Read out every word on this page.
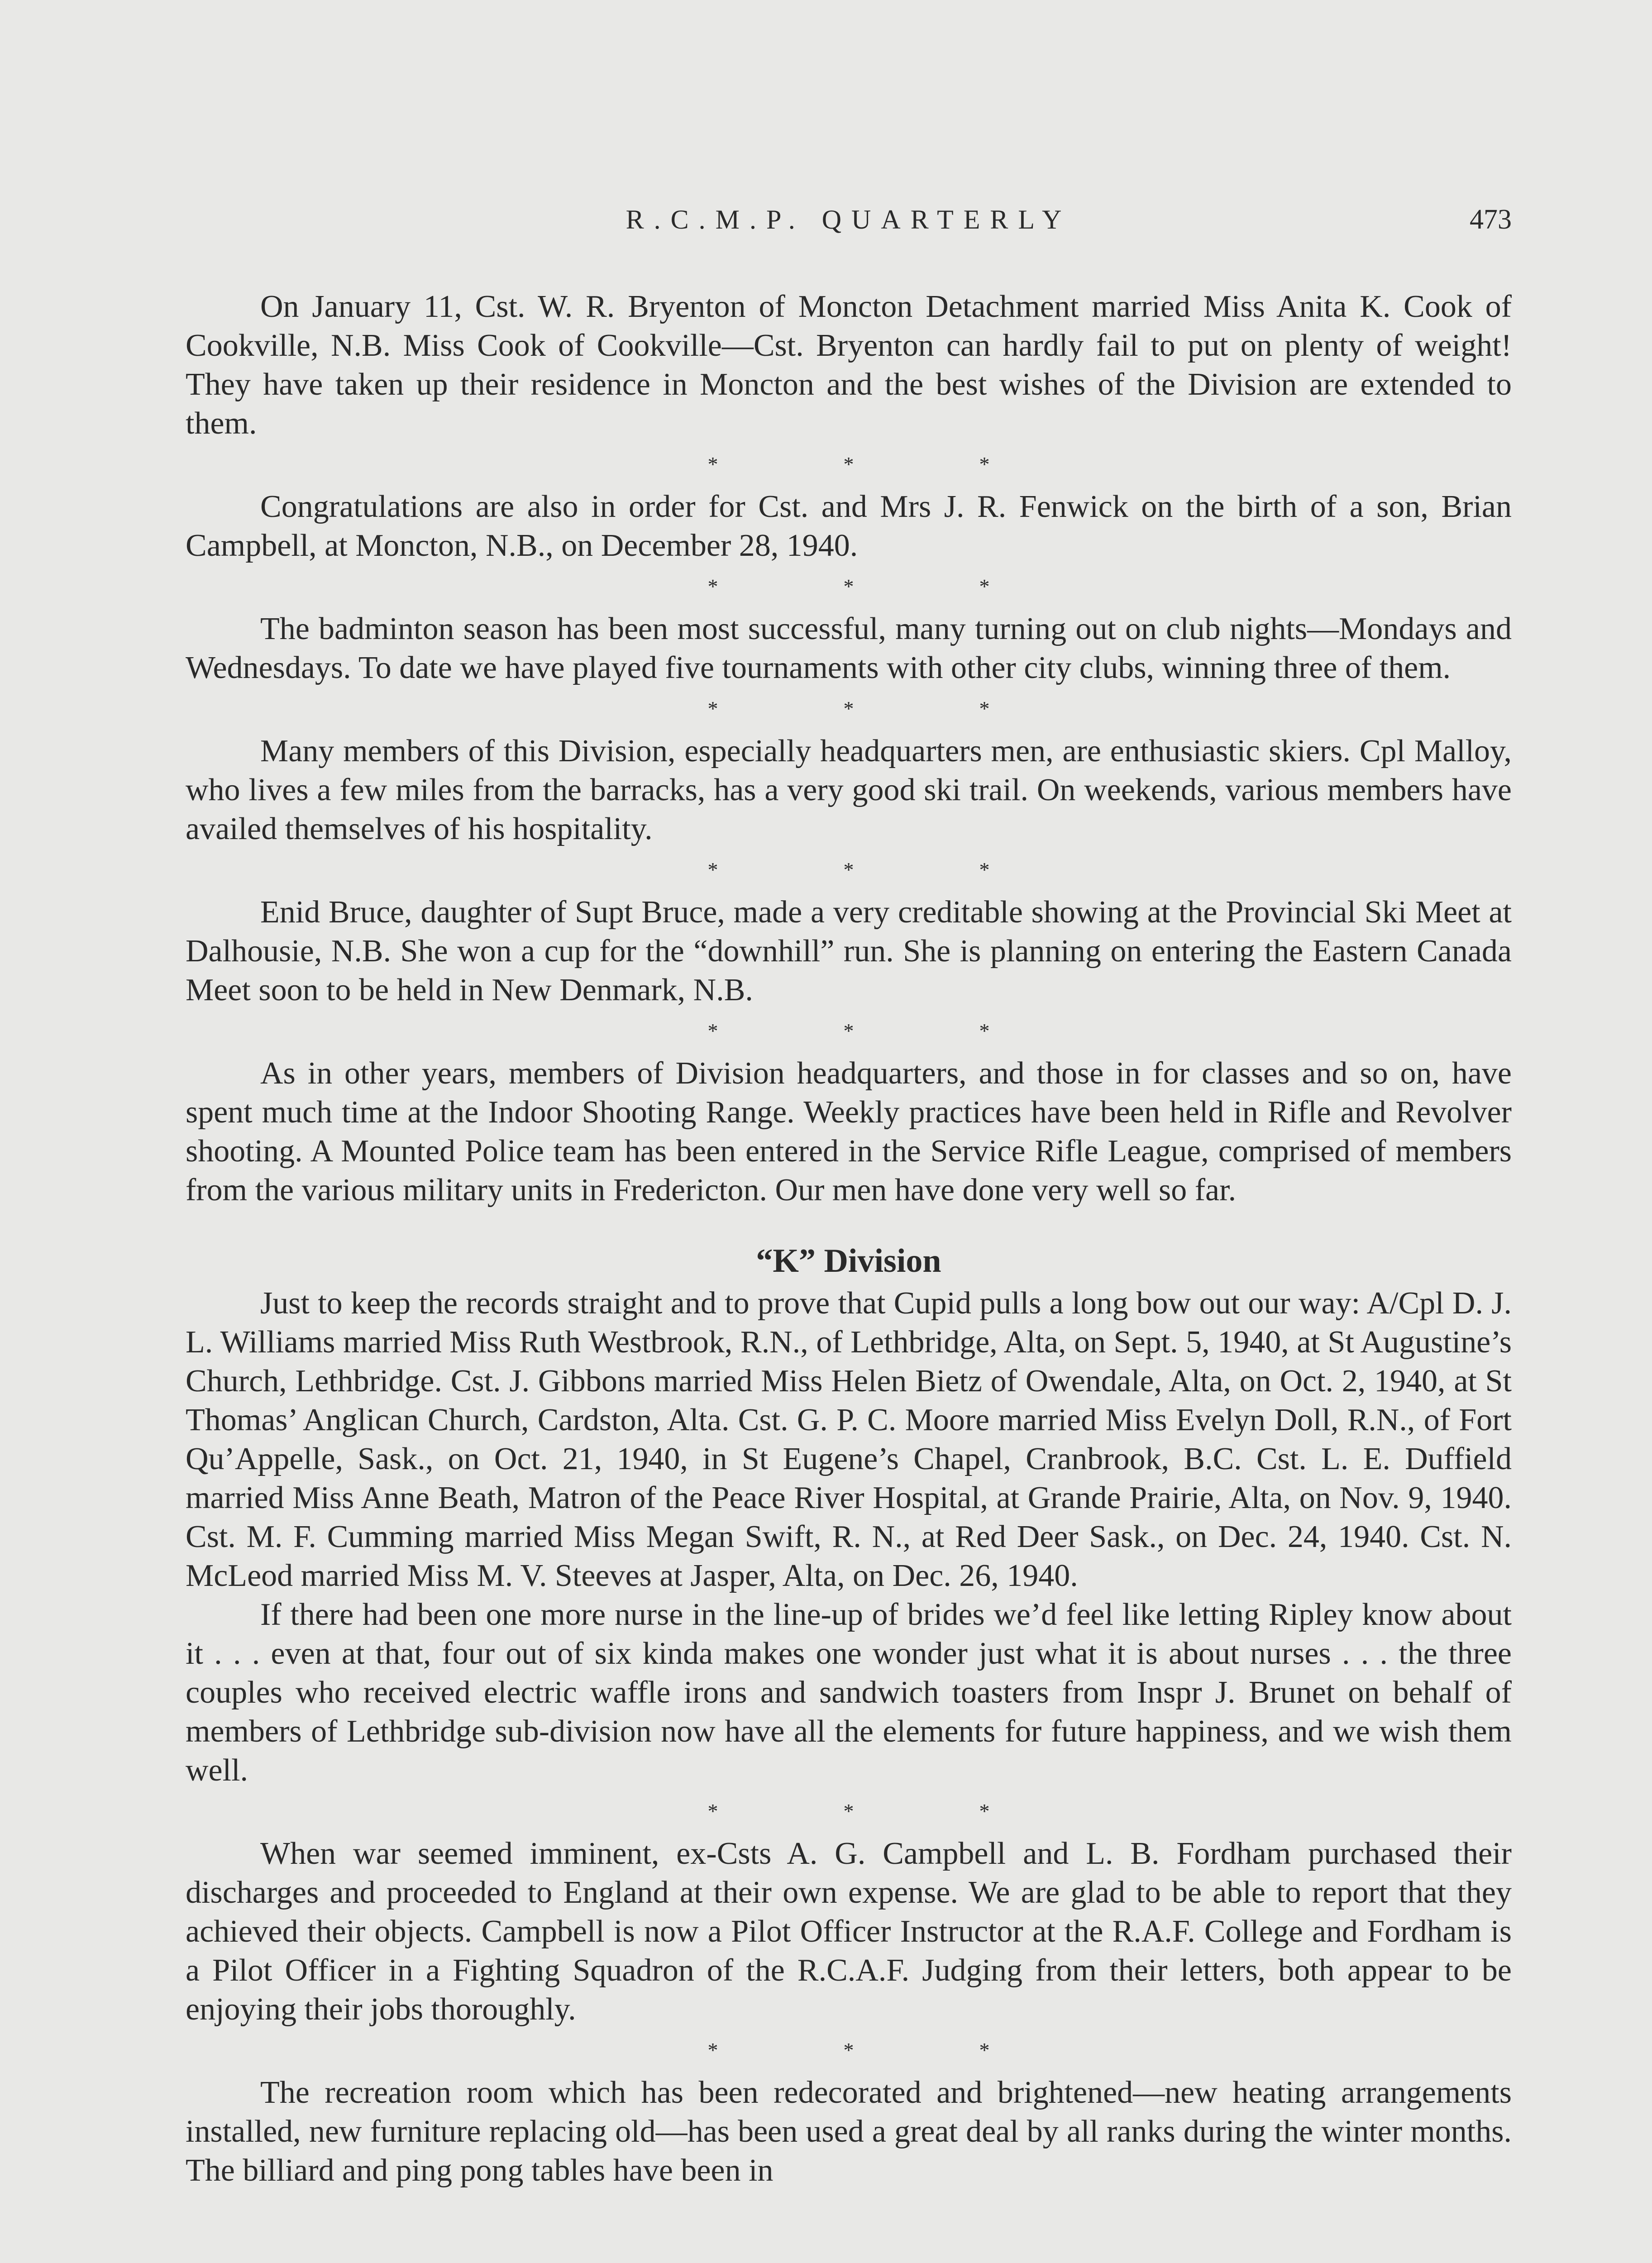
R.C.M.P. QUARTERLY	473

On January 11, Cst. W. R. Bryenton of Moncton Detachment married Miss Anita K. Cook of Cookville, N.B. Miss Cook of Cookville—Cst. Bryenton can hardly fail to put on plenty of weight! They have taken up their residence in Moncton and the best wishes of the Division are extended to them.

*	*	*

Congratulations are also in order for Cst. and Mrs J. R. Fenwick on the birth of a son, Brian Campbell, at Moncton, N.B., on December 28, 1940.

*	*	*

The badminton season has been most successful, many turning out on club nights—Mondays and Wednesdays. To date we have played five tournaments with other city clubs, winning three of them.

*	*	*

Many members of this Division, especially headquarters men, are enthusiastic skiers. Cpl Malloy, who lives a few miles from the barracks, has a very good ski trail. On weekends, various members have availed themselves of his hospitality.

*	*	*

Enid Bruce, daughter of Supt Bruce, made a very creditable showing at the Provincial Ski Meet at Dalhousie, N.B. She won a cup for the “downhill” run. She is planning on entering the Eastern Canada Meet soon to be held in New Denmark, N.B.

*	*	*

As in other years, members of Division headquarters, and those in for classes and so on, have spent much time at the Indoor Shooting Range. Weekly practices have been held in Rifle and Revolver shooting. A Mounted Police team has been entered in the Service Rifle League, comprised of members from the various military units in Fredericton. Our men have done very well so far.

“K” Division

Just to keep the records straight and to prove that Cupid pulls a long bow out our way: A/Cpl D. J. L. Williams married Miss Ruth Westbrook, R.N., of Lethbridge, Alta, on Sept. 5, 1940, at St Augustine’s Church, Lethbridge. Cst. J. Gibbons married Miss Helen Bietz of Owendale, Alta, on Oct. 2, 1940, at St Thomas’ Anglican Church, Cardston, Alta. Cst. G. P. C. Moore married Miss Evelyn Doll, R.N., of Fort Qu’Appelle, Sask., on Oct. 21, 1940, in St Eugene’s Chapel, Cranbrook, B.C. Cst. L. E. Duffield married Miss Anne Beath, Matron of the Peace River Hospital, at Grande Prairie, Alta, on Nov. 9, 1940. Cst. M. F. Cumming married Miss Megan Swift, R. N., at Red Deer Sask., on Dec. 24, 1940. Cst. N. McLeod married Miss M. V. Steeves at Jasper, Alta, on Dec. 26, 1940.

If there had been one more nurse in the line-up of brides we’d feel like letting Ripley know about it . . . even at that, four out of six kinda makes one wonder just what it is about nurses . . . the three couples who received electric waffle irons and sandwich toasters from Inspr J. Brunet on behalf of members of Lethbridge sub-division now have all the elements for future happiness, and we wish them well.

*	*	*

When war seemed imminent, ex-Csts A. G. Campbell and L. B. Fordham purchased their discharges and proceeded to England at their own expense. We are glad to be able to report that they achieved their objects. Campbell is now a Pilot Officer Instructor at the R.A.F. College and Fordham is a Pilot Officer in a Fighting Squadron of the R.C.A.F. Judging from their letters, both appear to be enjoying their jobs thoroughly.

*	*	*

The recreation room which has been redecorated and brightened—new heating arrangements installed, new furniture replacing old—has been used a great deal by all ranks during the winter months. The billiard and ping pong tables have been in
